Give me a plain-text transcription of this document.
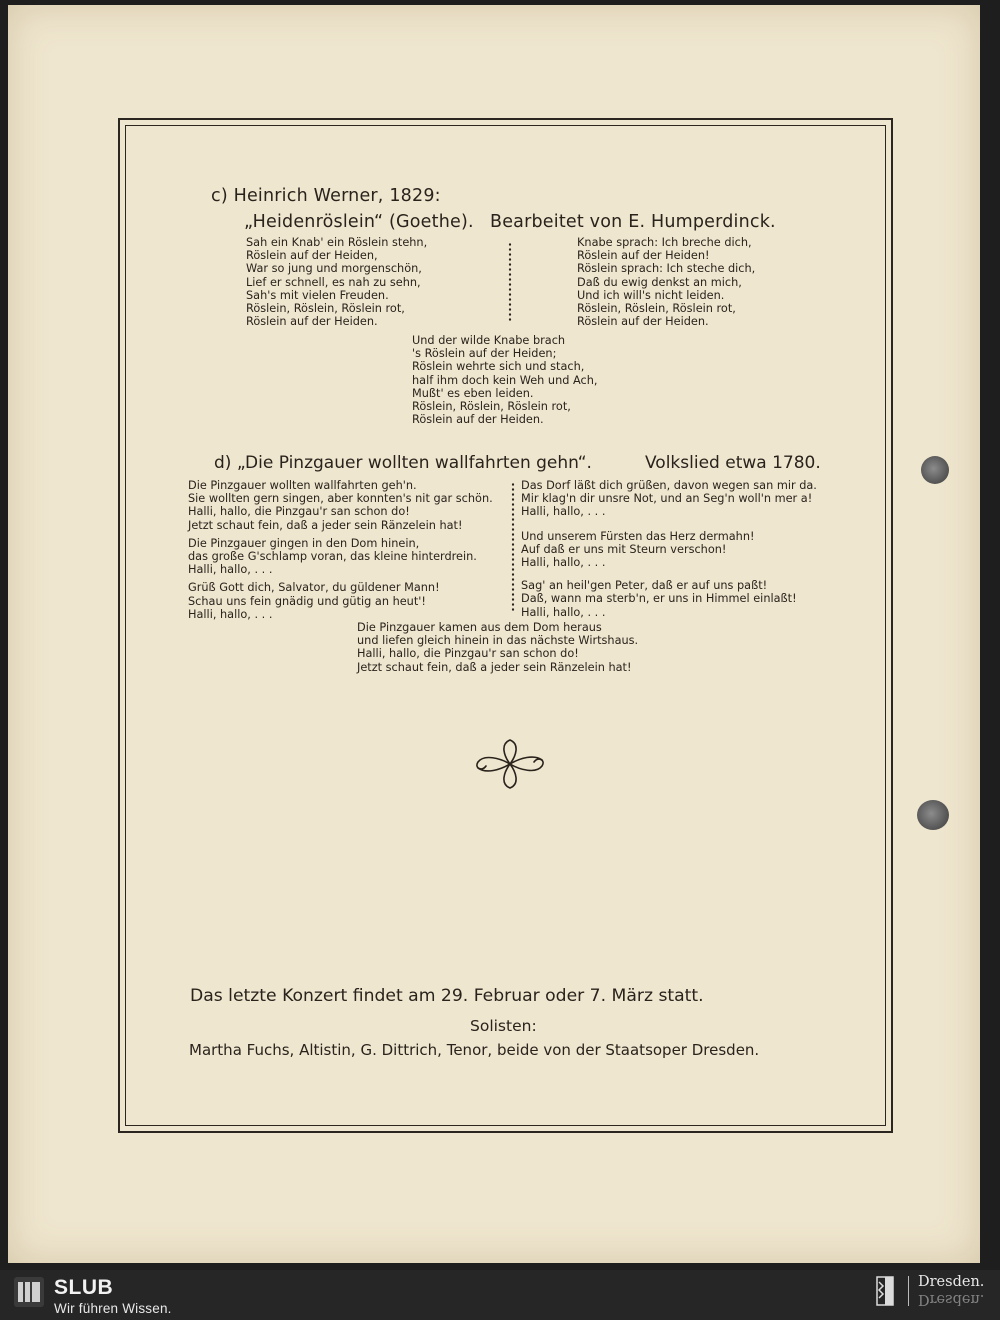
c) Heinrich Werner, 1829:
„Heidenröslein“ (Goethe). Bearbeitet von E. Humperdinck.
Sah ein Knab' ein Röslein stehn,
Röslein auf der Heiden,
War so jung und morgenschön,
Lief er schnell, es nah zu sehn,
Sah's mit vielen Freuden.
Röslein, Röslein, Röslein rot,
Röslein auf der Heiden.
Knabe sprach: Ich breche dich,
Röslein auf der Heiden!
Röslein sprach: Ich steche dich,
Daß du ewig denkst an mich,
Und ich will's nicht leiden.
Röslein, Röslein, Röslein rot,
Röslein auf der Heiden.
Und der wilde Knabe brach
's Röslein auf der Heiden;
Röslein wehrte sich und stach,
half ihm doch kein Weh und Ach,
Mußt' es eben leiden.
Röslein, Röslein, Röslein rot,
Röslein auf der Heiden.
d) „Die Pinzgauer wollten wallfahrten gehn“.	Volkslied etwa 1780.
Die Pinzgauer wollten wallfahrten geh'n.
Sie wollten gern singen, aber konnten's nit gar schön.
Halli, hallo, die Pinzgau'r san schon do!
Jetzt schaut fein, daß a jeder sein Ränzelein hat!
Die Pinzgauer gingen in den Dom hinein,
das große G'schlamp voran, das kleine hinterdrein.
Halli, hallo, . . .
Grüß Gott dich, Salvator, du güldener Mann!
Schau uns fein gnädig und gütig an heut'!
Halli, hallo, . . .
Das Dorf läßt dich grüßen, davon wegen san mir da.
Mir klag'n dir unsre Not, und an Seg'n woll'n mer a!
Halli, hallo, . . .
Und unserem Fürsten das Herz dermahn!
Auf daß er uns mit Steurn verschon!
Halli, hallo, . . .
Sag' an heil'gen Peter, daß er auf uns paßt!
Daß, wann ma sterb'n, er uns in Himmel einlaßt!
Halli, hallo, . . .
Die Pinzgauer kamen aus dem Dom heraus
und liefen gleich hinein in das nächste Wirtshaus.
Halli, hallo, die Pinzgau'r san schon do!
Jetzt schaut fein, daß a jeder sein Ränzelein hat!
Das letzte Konzert findet am 29. Februar oder 7. März statt.
Solisten:
Martha Fuchs, Altistin, G. Dittrich, Tenor, beide von der Staatsoper Dresden.
SLUB
Wir führen Wissen.
Dresden.
Dresden.
